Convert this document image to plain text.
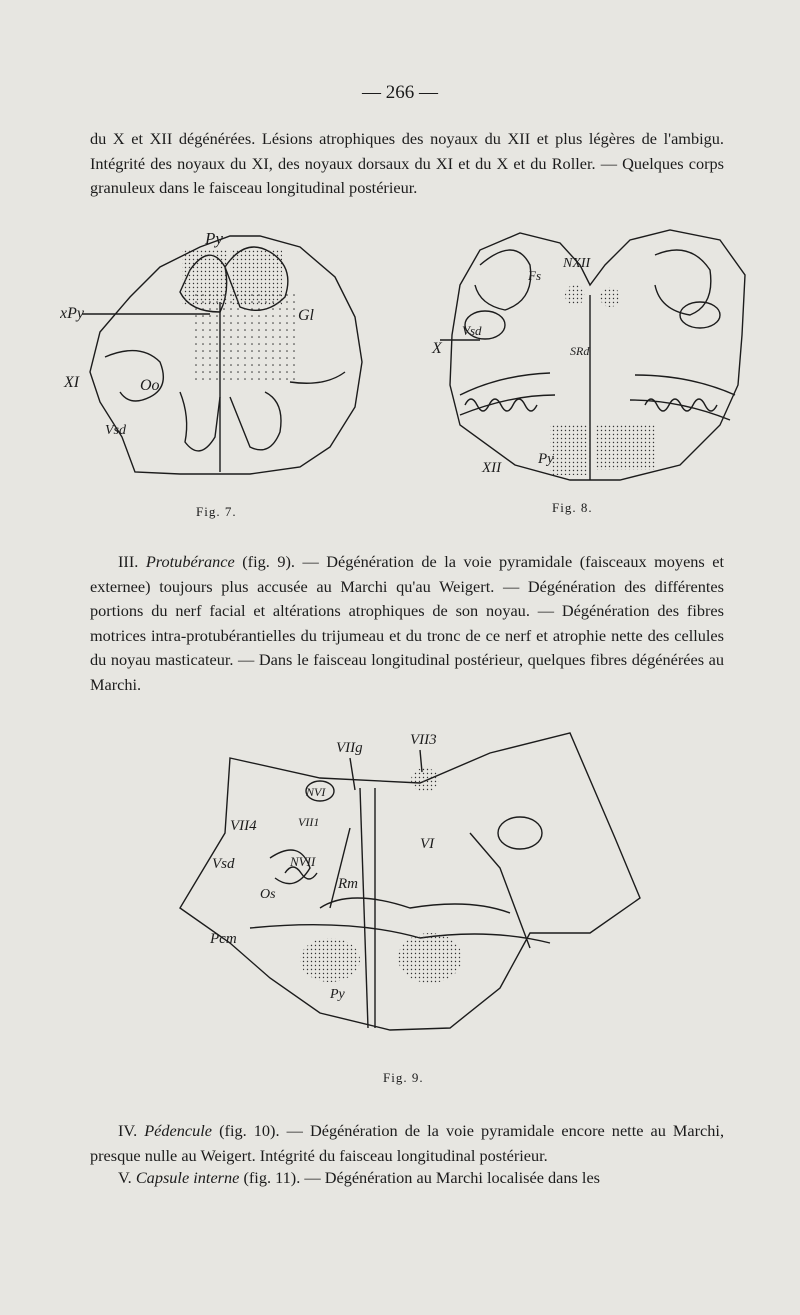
— 266 —
du X et XII dégénérées. Lésions atrophiques des noyaux du XII et plus légères de l'ambigu. Intégrité des noyaux du XI, des noyaux dorsaux du XI et du X et du Roller. — Quelques corps granuleux dans le faisceau longitudinal postérieur.
Py
xPy	Gl
XI	Oo
Vsd
Fig. 7.
NXII
Fs
Vsd
X	SRd
XII
Py
Fig. 8.
III. Protubérance (fig. 9). — Dégénération de la voie pyramidale (faisceaux moyens et externee) toujours plus accusée au Marchi qu'au Weigert. — Dégénération des différentes portions du nerf facial et altérations atrophiques de son noyau. — Dégénération des fibres motrices intra-protubérantielles du trijumeau et du tronc de ce nerf et atrophie nette des cellules du noyau masticateur. — Dans le faisceau longitudinal postérieur, quelques fibres dégénérées au Marchi.
VIIg	VII3
NVI
VII4	VII1
VI
Vsd	NVII
Os
Rm
Pcm
Py
Fig. 9.
IV. Pédencule (fig. 10). — Dégénération de la voie pyramidale encore nette au Marchi, presque nulle au Weigert. Intégrité du faisceau longitudinal postérieur.
V. Capsule interne (fig. 11). — Dégénération au Marchi localisée dans les
